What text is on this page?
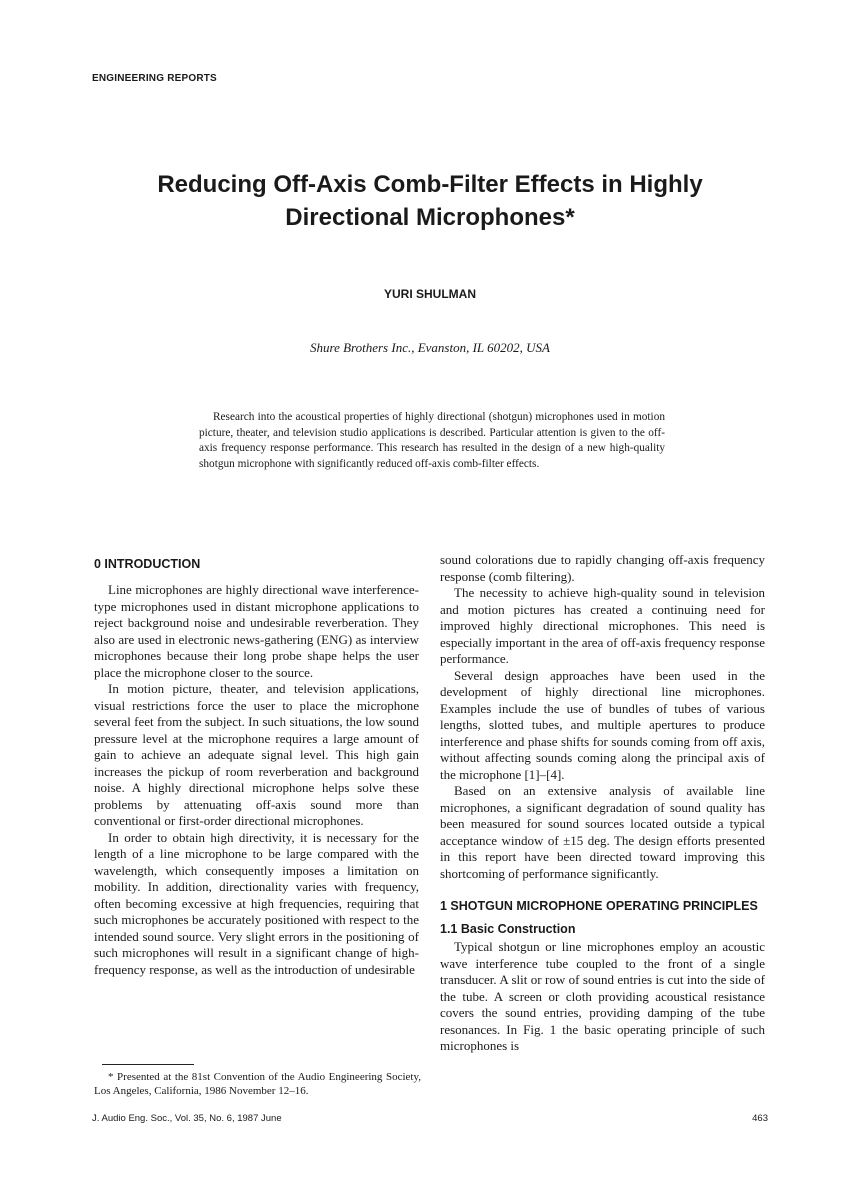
ENGINEERING REPORTS
Reducing Off-Axis Comb-Filter Effects in Highly
Directional Microphones*
YURI SHULMAN
Shure Brothers Inc., Evanston, IL 60202, USA

Research into the acoustical properties of highly directional (shotgun) microphones used in motion picture, theater, and television studio applications is described. Particular attention is given to the off-axis frequency response performance. This research has resulted in the design of a new high-quality shotgun microphone with significantly reduced off-axis comb-filter effects.

0 INTRODUCTION

Line microphones are highly directional wave interference-type microphones used in distant microphone applications to reject background noise and undesirable reverberation. They also are used in electronic news-gathering (ENG) as interview microphones because their long probe shape helps the user place the microphone closer to the source.

In motion picture, theater, and television applications, visual restrictions force the user to place the microphone several feet from the subject. In such situations, the low sound pressure level at the microphone requires a large amount of gain to achieve an adequate signal level. This high gain increases the pickup of room reverberation and background noise. A highly directional microphone helps solve these problems by attenuating off-axis sound more than conventional or first-order directional microphones.

In order to obtain high directivity, it is necessary for the length of a line microphone to be large compared with the wavelength, which consequently imposes a limitation on mobility. In addition, directionality varies with frequency, often becoming excessive at high frequencies, requiring that such microphones be accurately positioned with respect to the intended sound source. Very slight errors in the positioning of such microphones will result in a significant change of high-frequency response, as well as the introduction of undesirable

sound colorations due to rapidly changing off-axis frequency response (comb filtering).

The necessity to achieve high-quality sound in television and motion pictures has created a continuing need for improved highly directional microphones. This need is especially important in the area of off-axis frequency response performance.

Several design approaches have been used in the development of highly directional line microphones. Examples include the use of bundles of tubes of various lengths, slotted tubes, and multiple apertures to produce interference and phase shifts for sounds coming from off axis, without affecting sounds coming along the principal axis of the microphone [1]–[4].

Based on an extensive analysis of available line microphones, a significant degradation of sound quality has been measured for sound sources located outside a typical acceptance window of ±15 deg. The design efforts presented in this report have been directed toward improving this shortcoming of performance significantly.

1 SHOTGUN MICROPHONE OPERATING PRINCIPLES
1.1 Basic Construction

Typical shotgun or line microphones employ an acoustic wave interference tube coupled to the front of a single transducer. A slit or row of sound entries is cut into the side of the tube. A screen or cloth providing acoustical resistance covers the sound entries, providing damping of the tube resonances. In Fig. 1 the basic operating principle of such microphones is

* Presented at the 81st Convention of the Audio Engineering Society, Los Angeles, California, 1986 November 12–16.

J. Audio Eng. Soc., Vol. 35, No. 6, 1987 June	463
